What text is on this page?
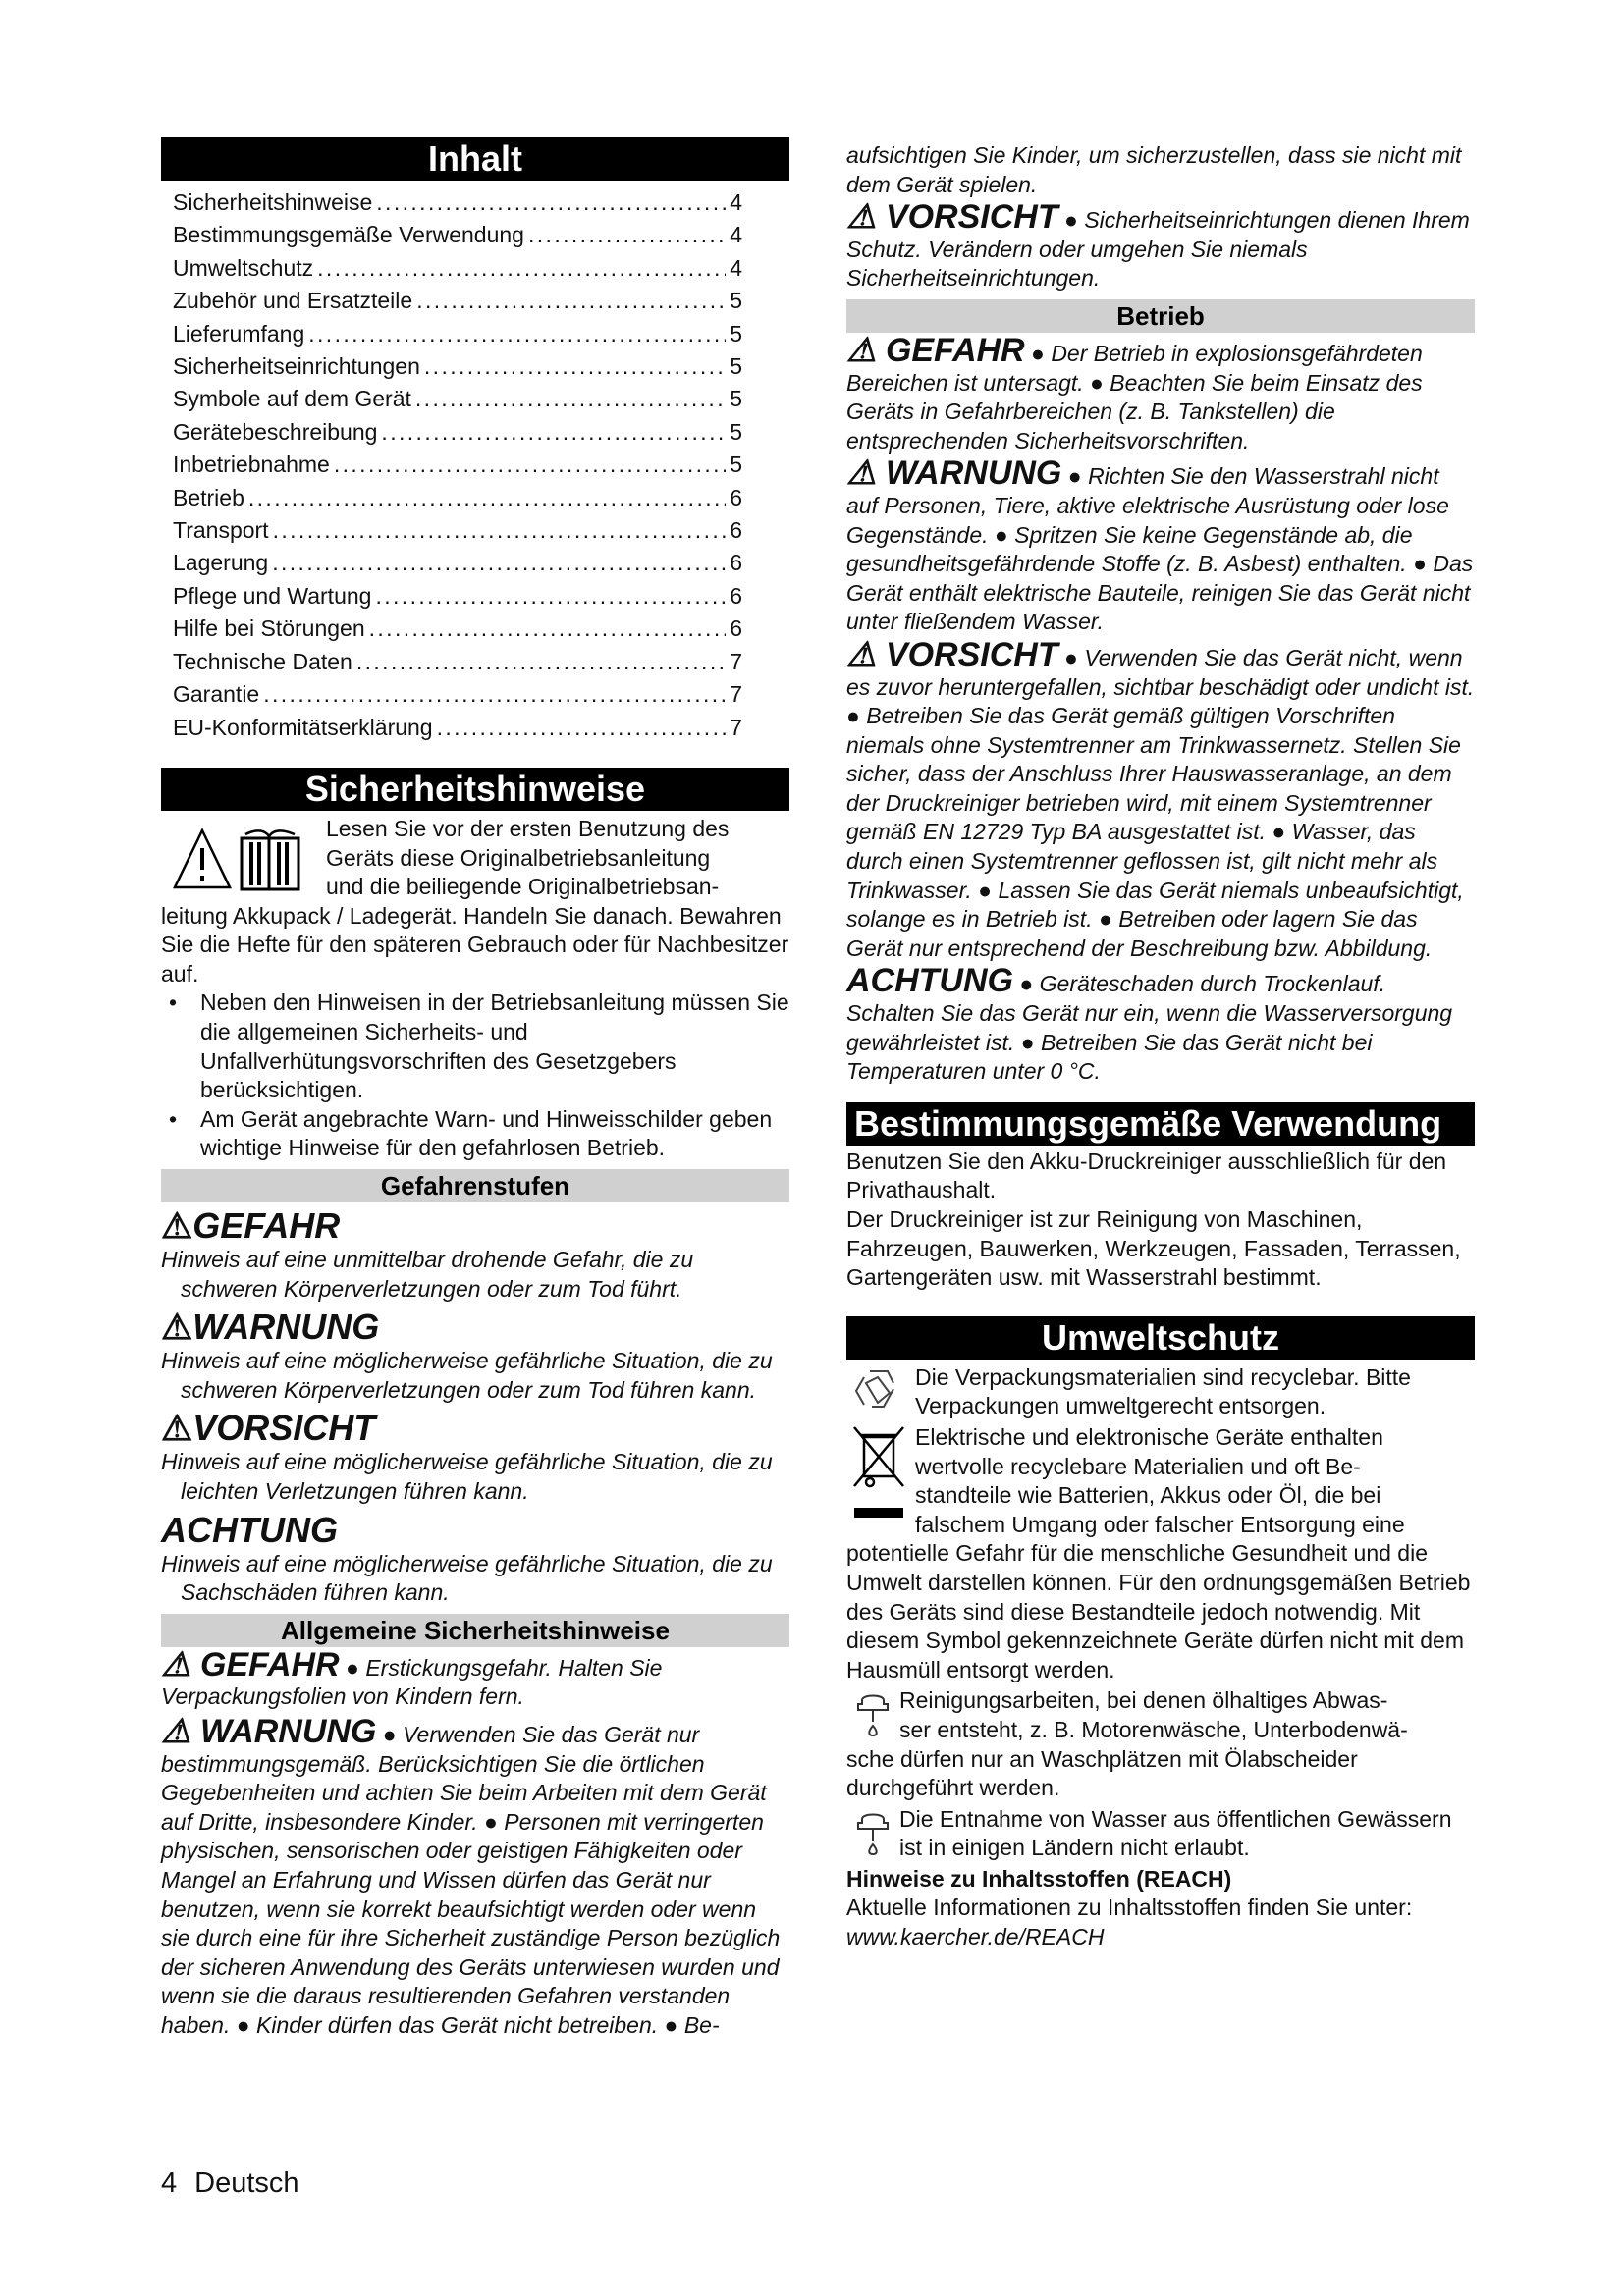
Inhalt
Sicherheitshinweise . . .	4
Bestimmungsgemäße Verwendung . . .	4
Umweltschutz . . .	4
Zubehör und Ersatzteile . . .	5
Lieferumfang . . .	5
Sicherheitseinrichtungen . . .	5
Symbole auf dem Gerät . . .	5
Gerätebeschreibung . . .	5
Inbetriebnahme . . .	5
Betrieb . . .	6
Transport . . .	6
Lagerung . . .	6
Pflege und Wartung . . .	6
Hilfe bei Störungen . . .	6
Technische Daten . . .	7
Garantie . . .	7
EU-Konformitätserklärung . . .	7
Sicherheitshinweise
Lesen Sie vor der ersten Benutzung des
Geräts diese Originalbetriebsanleitung
und die beiliegende Originalbetriebsan-
leitung Akkupack / Ladegerät. Handeln Sie danach. Bewahren Sie die Hefte für den späteren Gebrauch oder für Nachbesitzer auf.
• Neben den Hinweisen in der Betriebsanleitung müssen Sie die allgemeinen Sicherheits- und Unfallverhütungsvorschriften des Gesetzgebers berücksichtigen.
• Am Gerät angebrachte Warn- und Hinweisschilder geben wichtige Hinweise für den gefahrlosen Betrieb.
Gefahrenstufen
⚠GEFAHR
Hinweis auf eine unmittelbar drohende Gefahr, die zu schweren Körperverletzungen oder zum Tod führt.
⚠WARNUNG
Hinweis auf eine möglicherweise gefährliche Situation, die zu schweren Körperverletzungen oder zum Tod führen kann.
⚠VORSICHT
Hinweis auf eine möglicherweise gefährliche Situation, die zu leichten Verletzungen führen kann.
ACHTUNG
Hinweis auf eine möglicherweise gefährliche Situation, die zu Sachschäden führen kann.
Allgemeine Sicherheitshinweise
⚠ GEFAHR ● Erstickungsgefahr. Halten Sie Verpackungsfolien von Kindern fern.
⚠ WARNUNG ● Verwenden Sie das Gerät nur bestimmungsgemäß. Berücksichtigen Sie die örtlichen Gegebenheiten und achten Sie beim Arbeiten mit dem Gerät auf Dritte, insbesondere Kinder. ● Personen mit verringerten physischen, sensorischen oder geistigen Fähigkeiten oder Mangel an Erfahrung und Wissen dürfen das Gerät nur benutzen, wenn sie korrekt beaufsichtigt werden oder wenn sie durch eine für ihre Sicherheit zuständige Person bezüglich der sicheren Anwendung des Geräts unterwiesen wurden und wenn sie die daraus resultierenden Gefahren verstanden haben. ● Kinder dürfen das Gerät nicht betreiben. ● Be-
aufsichtigen Sie Kinder, um sicherzustellen, dass sie nicht mit dem Gerät spielen.
⚠ VORSICHT ● Sicherheitseinrichtungen dienen Ihrem Schutz. Verändern oder umgehen Sie niemals Sicherheitseinrichtungen.
Betrieb
⚠ GEFAHR ● Der Betrieb in explosionsgefährdeten Bereichen ist untersagt. ● Beachten Sie beim Einsatz des Geräts in Gefahrbereichen (z. B. Tankstellen) die entsprechenden Sicherheitsvorschriften.
⚠ WARNUNG ● Richten Sie den Wasserstrahl nicht auf Personen, Tiere, aktive elektrische Ausrüstung oder lose Gegenstände. ● Spritzen Sie keine Gegenstände ab, die gesundheitsgefährdende Stoffe (z. B. Asbest) enthalten. ● Das Gerät enthält elektrische Bauteile, reinigen Sie das Gerät nicht unter fließendem Wasser.
⚠ VORSICHT ● Verwenden Sie das Gerät nicht, wenn es zuvor heruntergefallen, sichtbar beschädigt oder undicht ist. ● Betreiben Sie das Gerät gemäß gültigen Vorschriften niemals ohne Systemtrenner am Trinkwassernetz. Stellen Sie sicher, dass der Anschluss Ihrer Hauswasseranlage, an dem der Druckreiniger betrieben wird, mit einem Systemtrenner gemäß EN 12729 Typ BA ausgestattet ist. ● Wasser, das durch einen Systemtrenner geflossen ist, gilt nicht mehr als Trinkwasser. ● Lassen Sie das Gerät niemals unbeaufsichtigt, solange es in Betrieb ist. ● Betreiben oder lagern Sie das Gerät nur entsprechend der Beschreibung bzw. Abbildung.
ACHTUNG ● Geräteschaden durch Trockenlauf. Schalten Sie das Gerät nur ein, wenn die Wasserversorgung gewährleistet ist. ● Betreiben Sie das Gerät nicht bei Temperaturen unter 0 °C.
Bestimmungsgemäße Verwendung
Benutzen Sie den Akku-Druckreiniger ausschließlich für den Privathaushalt.
Der Druckreiniger ist zur Reinigung von Maschinen, Fahrzeugen, Bauwerken, Werkzeugen, Fassaden, Terrassen, Gartengeräten usw. mit Wasserstrahl bestimmt.
Umweltschutz
Die Verpackungsmaterialien sind recyclebar. Bitte Verpackungen umweltgerecht entsorgen.
Elektrische und elektronische Geräte enthalten
wertvolle recyclebare Materialien und oft Be-
standteile wie Batterien, Akkus oder Öl, die bei
falschem Umgang oder falscher Entsorgung eine
potentielle Gefahr für die menschliche Gesundheit und die Umwelt darstellen können. Für den ordnungsgemäßen Betrieb des Geräts sind diese Bestandteile jedoch notwendig. Mit diesem Symbol gekennzeichnete Geräte dürfen nicht mit dem Hausmüll entsorgt werden.
Reinigungsarbeiten, bei denen ölhaltiges Abwas-
ser entsteht, z. B. Motorenwäsche, Unterbodenwä-
sche dürfen nur an Waschplätzen mit Ölabscheider durchgeführt werden.
Die Entnahme von Wasser aus öffentlichen Gewässern ist in einigen Ländern nicht erlaubt.
Hinweise zu Inhaltsstoffen (REACH)
Aktuelle Informationen zu Inhaltsstoffen finden Sie unter: www.kaercher.de/REACH
4 Deutsch
